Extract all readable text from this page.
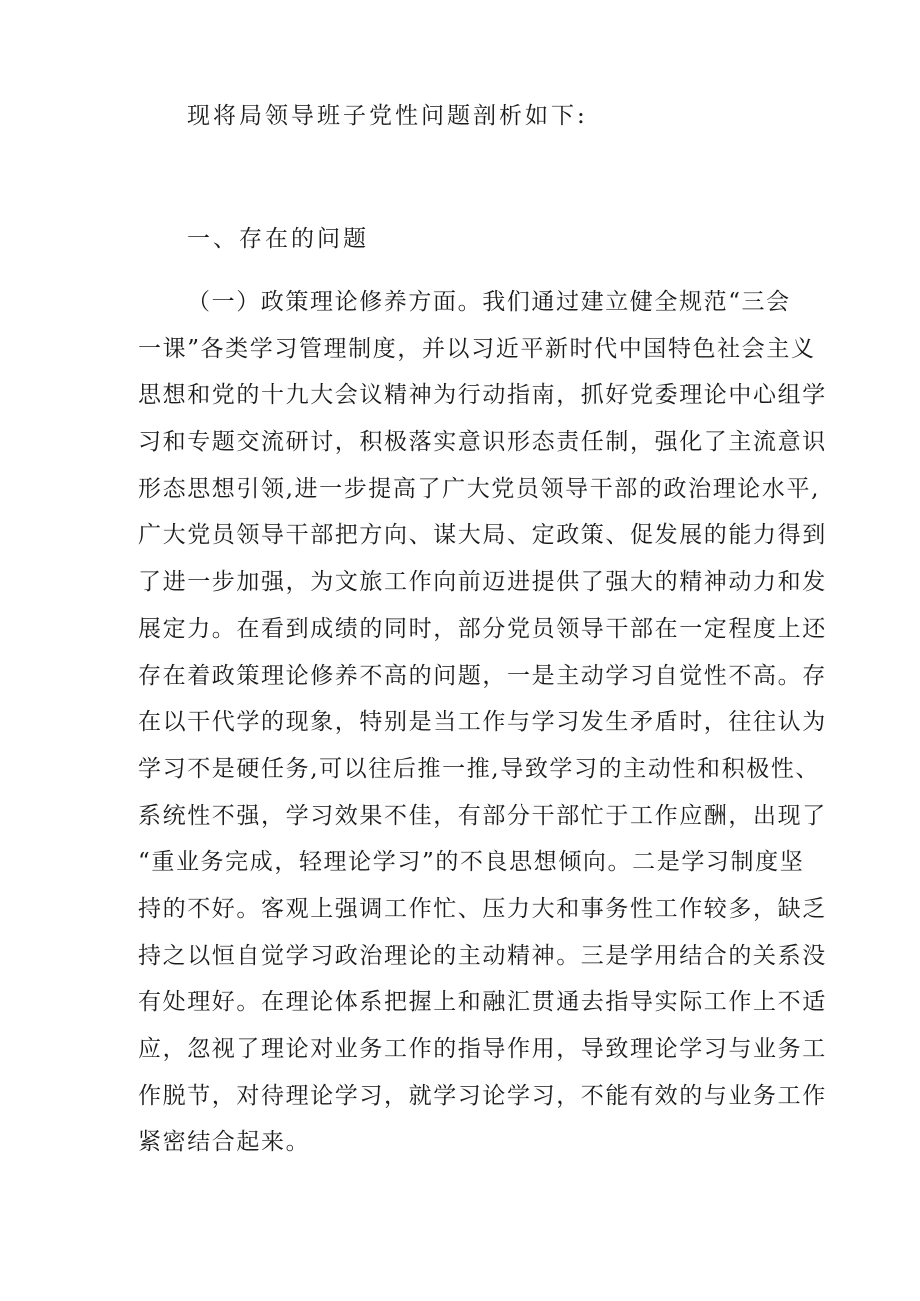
现将局领导班子党性问题剖析如下:
一、存在的问题
（一）政策理论修养方面。我们通过建立健全规范“三会
一课”各类学习管理制度，并以习近平新时代中国特色社会主义
思想和党的十九大会议精神为行动指南，抓好党委理论中心组学
习和专题交流研讨，积极落实意识形态责任制，强化了主流意识
形态思想引领,进一步提高了广大党员领导干部的政治理论水平,
广大党员领导干部把方向、谋大局、定政策、促发展的能力得到
了进一步加强，为文旅工作向前迈进提供了强大的精神动力和发
展定力。在看到成绩的同时，部分党员领导干部在一定程度上还
存在着政策理论修养不高的问题，一是主动学习自觉性不高。存
在以干代学的现象，特别是当工作与学习发生矛盾时，往往认为
学习不是硬任务,可以往后推一推,导致学习的主动性和积极性、
系统性不强，学习效果不佳，有部分干部忙于工作应酬，出现了
“重业务完成，轻理论学习”的不良思想倾向。二是学习制度坚
持的不好。客观上强调工作忙、压力大和事务性工作较多，缺乏
持之以恒自觉学习政治理论的主动精神。三是学用结合的关系没
有处理好。在理论体系把握上和融汇贯通去指导实际工作上不适
应，忽视了理论对业务工作的指导作用，导致理论学习与业务工
作脱节，对待理论学习，就学习论学习，不能有效的与业务工作
紧密结合起来。
